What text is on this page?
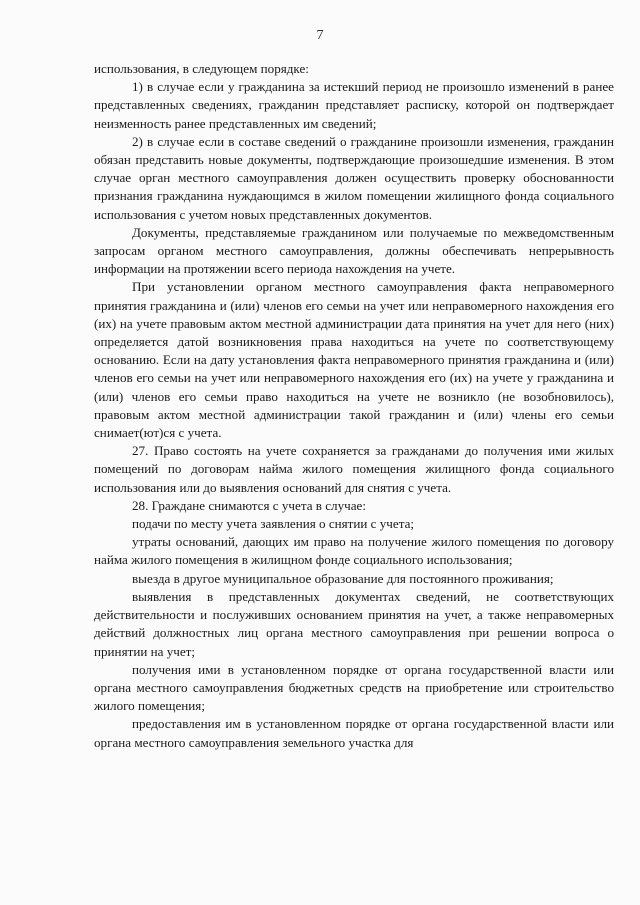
7

использования, в следующем порядке:

1) в случае если у гражданина за истекший период не произошло изменений в ранее представленных сведениях, гражданин представляет расписку, которой он подтверждает неизменность ранее представленных им сведений;

2) в случае если в составе сведений о гражданине произошли изменения, гражданин обязан представить новые документы, подтверждающие произошедшие изменения. В этом случае орган местного самоуправления должен осуществить проверку обоснованности признания гражданина нуждающимся в жилом помещении жилищного фонда социального использования с учетом новых представленных документов.

Документы, представляемые гражданином или получаемые по межведомственным запросам органом местного самоуправления, должны обеспечивать непрерывность информации на протяжении всего периода нахождения на учете.

При установлении органом местного самоуправления факта неправомерного принятия гражданина и (или) членов его семьи на учет или неправомерного нахождения его (их) на учете правовым актом местной администрации дата принятия на учет для него (них) определяется датой возникновения права находиться на учете по соответствующему основанию. Если на дату установления факта неправомерного принятия гражданина и (или) членов его семьи на учет или неправомерного нахождения его (их) на учете у гражданина и (или) членов его семьи право находиться на учете не возникло (не возобновилось), правовым актом местной администрации такой гражданин и (или) члены его семьи снимает(ют)ся с учета.

27. Право состоять на учете сохраняется за гражданами до получения ими жилых помещений по договорам найма жилого помещения жилищного фонда социального использования или до выявления оснований для снятия с учета.

28. Граждане снимаются с учета в случае:

подачи по месту учета заявления о снятии с учета;

утраты оснований, дающих им право на получение жилого помещения по договору найма жилого помещения в жилищном фонде социального использования;

выезда в другое муниципальное образование для постоянного проживания;

выявления в представленных документах сведений, не соответствующих действительности и послуживших основанием принятия на учет, а также неправомерных действий должностных лиц органа местного самоуправления при решении вопроса о принятии на учет;

получения ими в установленном порядке от органа государственной власти или органа местного самоуправления бюджетных средств на приобретение или строительство жилого помещения;

предоставления им в установленном порядке от органа государственной власти или органа местного самоуправления земельного участка для
